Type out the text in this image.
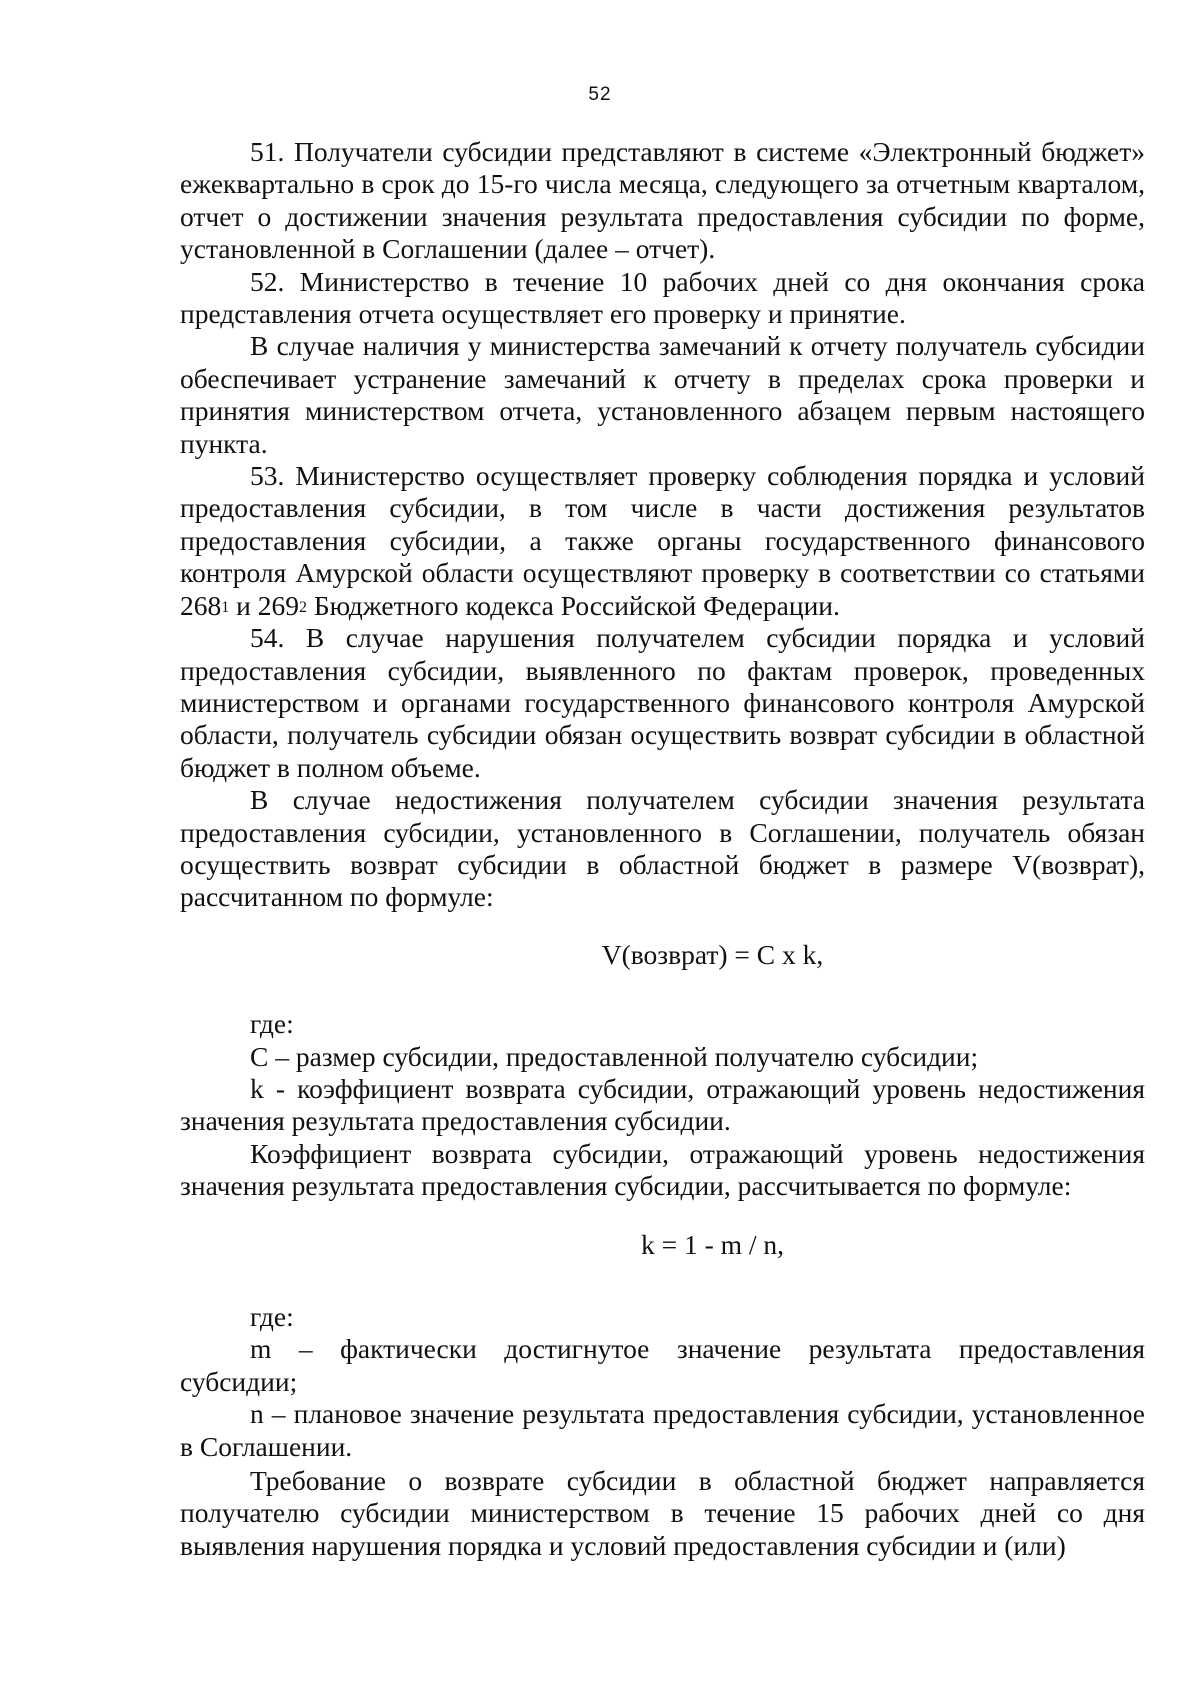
52

51. Получатели субсидии представляют в системе «Электронный бюджет» ежеквартально в срок до 15-го числа месяца, следующего за отчетным кварталом, отчет о достижении значения результата предоставления субсидии по форме, установленной в Соглашении (далее – отчет).

52. Министерство в течение 10 рабочих дней со дня окончания срока представления отчета осуществляет его проверку и принятие.

В случае наличия у министерства замечаний к отчету получатель субсидии обеспечивает устранение замечаний к отчету в пределах срока проверки и принятия министерством отчета, установленного абзацем первым настоящего пункта.

53. Министерство осуществляет проверку соблюдения порядка и условий предоставления субсидии, в том числе в части достижения результатов предоставления субсидии, а также органы государственного финансового контроля Амурской области осуществляют проверку в соответствии со статьями $268^1$ и $269^2$ Бюджетного кодекса Российской Федерации.

54. В случае нарушения получателем субсидии порядка и условий предоставления субсидии, выявленного по фактам проверок, проведенных министерством и органами государственного финансового контроля Амурской области, получатель субсидии обязан осуществить возврат субсидии в областной бюджет в полном объеме.

В случае недостижения получателем субсидии значения результата предоставления субсидии, установленного в Соглашении, получатель обязан осуществить возврат субсидии в областной бюджет в размере V(возврат), рассчитанном по формуле:

V(возврат) = C x k,

где:

C – размер субсидии, предоставленной получателю субсидии;

k - коэффициент возврата субсидии, отражающий уровень недостижения значения результата предоставления субсидии.

Коэффициент возврата субсидии, отражающий уровень недостижения значения результата предоставления субсидии, рассчитывается по формуле:

k = 1 - m / n,

где:

m – фактически достигнутое значение результата предоставления субсидии;

n – плановое значение результата предоставления субсидии, установленное в Соглашении.

Требование о возврате субсидии в областной бюджет направляется получателю субсидии министерством в течение 15 рабочих дней со дня выявления нарушения порядка и условий предоставления субсидии и (или)
